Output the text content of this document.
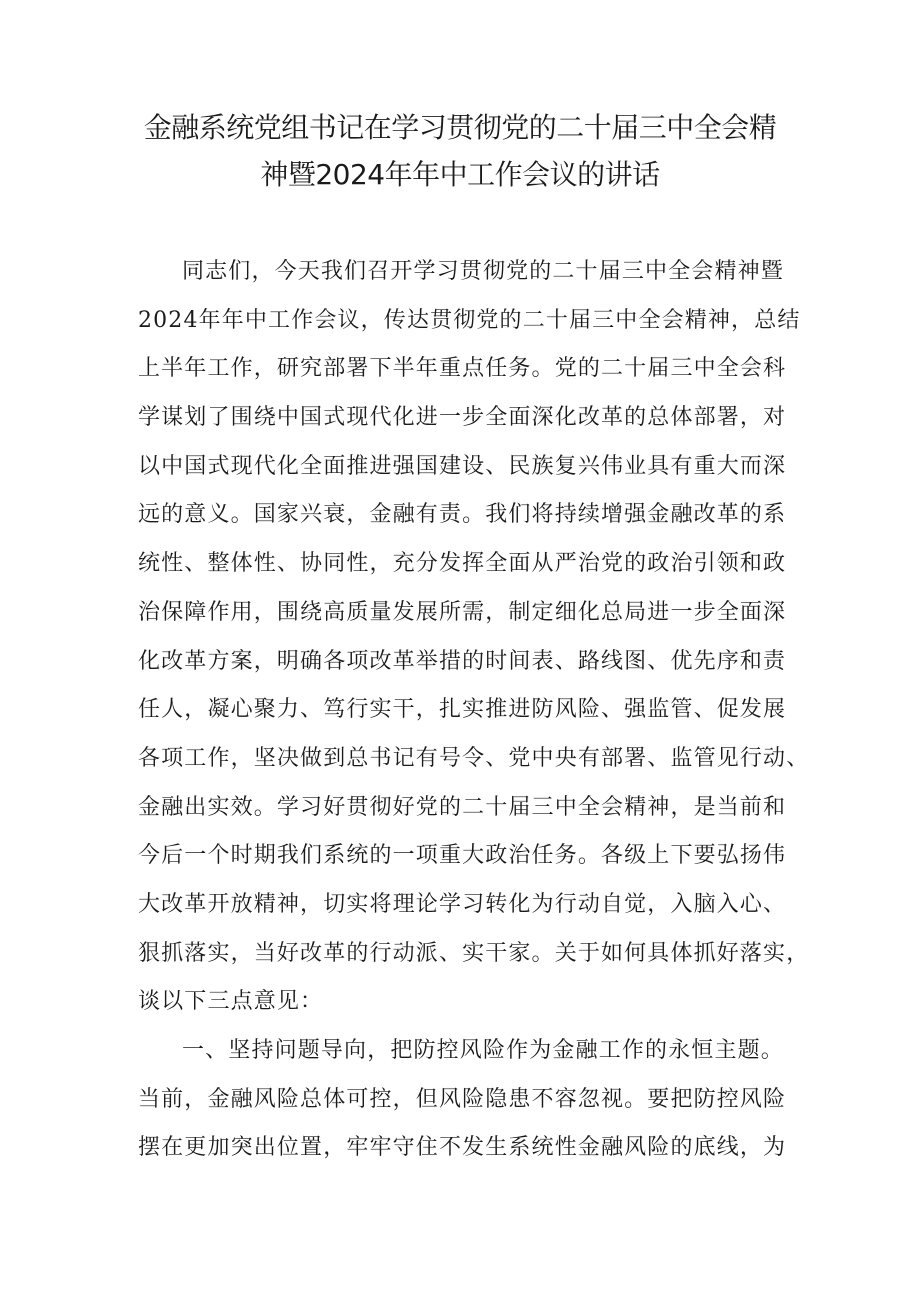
金融系统党组书记在学习贯彻党的二十届三中全会精
神暨2024年年中工作会议的讲话
同志们，今天我们召开学习贯彻党的二十届三中全会精神暨
2024年年中工作会议，传达贯彻党的二十届三中全会精神，总结
上半年工作，研究部署下半年重点任务。党的二十届三中全会科
学谋划了围绕中国式现代化进一步全面深化改革的总体部署，对
以中国式现代化全面推进强国建设、民族复兴伟业具有重大而深
远的意义。国家兴衰，金融有责。我们将持续增强金融改革的系
统性、整体性、协同性，充分发挥全面从严治党的政治引领和政
治保障作用，围绕高质量发展所需，制定细化总局进一步全面深
化改革方案，明确各项改革举措的时间表、路线图、优先序和责
任人，凝心聚力、笃行实干，扎实推进防风险、强监管、促发展
各项工作，坚决做到总书记有号令、党中央有部署、监管见行动、
金融出实效。学习好贯彻好党的二十届三中全会精神，是当前和
今后一个时期我们系统的一项重大政治任务。各级上下要弘扬伟
大改革开放精神，切实将理论学习转化为行动自觉，入脑入心、
狠抓落实，当好改革的行动派、实干家。关于如何具体抓好落实，
谈以下三点意见：
一、坚持问题导向，把防控风险作为金融工作的永恒主题。
当前，金融风险总体可控，但风险隐患不容忽视。要把防控风险
摆在更加突出位置，牢牢守住不发生系统性金融风险的底线，为
